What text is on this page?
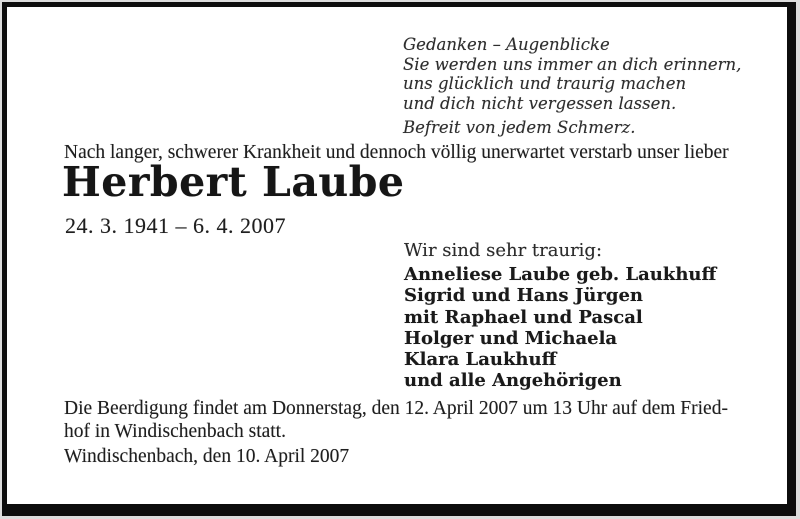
Gedanken – Augenblicke
Sie werden uns immer an dich erinnern,
uns glücklich und traurig machen
und dich nicht vergessen lassen.
Befreit von jedem Schmerz.
Nach langer, schwerer Krankheit und dennoch völlig unerwartet verstarb unser lieber
Herbert Laube
24. 3. 1941 – 6. 4. 2007
Wir sind sehr traurig:
Anneliese Laube geb. Laukhuff
Sigrid und Hans Jürgen
mit Raphael und Pascal
Holger und Michaela
Klara Laukhuff
und alle Angehörigen
Die Beerdigung findet am Donnerstag, den 12. April 2007 um 13 Uhr auf dem Fried-
hof in Windischenbach statt.
Windischenbach, den 10. April 2007
